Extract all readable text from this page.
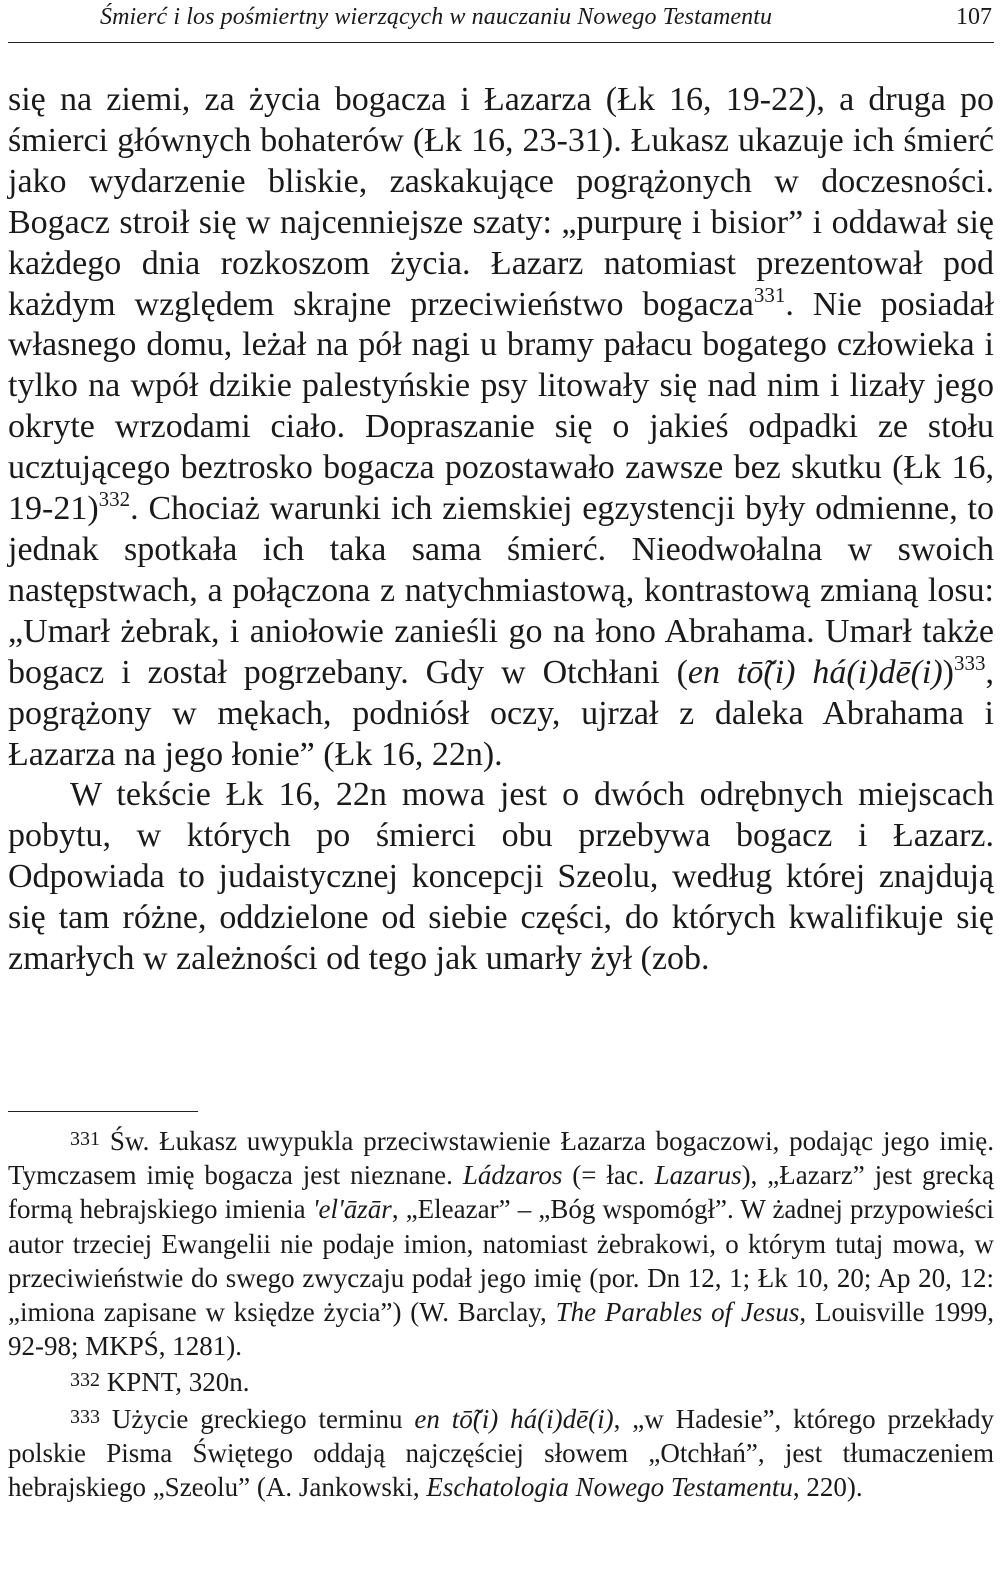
Śmierć i los pośmiertny wierzących w nauczaniu Nowego Testamentu	107

się na ziemi, za życia bogacza i Łazarza (Łk 16, 19-22), a druga po śmierci głównych bohaterów (Łk 16, 23-31). Łukasz ukazuje ich śmierć jako wydarzenie bliskie, zaskakujące pogrążonych w doczesności. Bogacz stroił się w najcenniejsze szaty: „purpurę i bisior” i oddawał się każdego dnia rozkoszom życia. Łazarz natomiast prezentował pod każdym względem skrajne przeciwieństwo bogacza$^{331}$. Nie posiadał własnego domu, leżał na pół nagi u bramy pałacu bogatego człowieka i tylko na wpół dzikie palestyńskie psy litowały się nad nim i lizały jego okryte wrzodami ciało. Dopraszanie się o jakieś odpadki ze stołu ucztującego beztrosko bogacza pozostawało zawsze bez skutku (Łk 16, 19-21)$^{332}$. Chociaż warunki ich ziemskiej egzystencji były odmienne, to jednak spotkała ich taka sama śmierć. Nieodwołalna w swoich następstwach, a połączona z natychmiastową, kontrastową zmianą losu: „Umarł żebrak, i aniołowie zanieśli go na łono Abrahama. Umarł także bogacz i został pogrzebany. Gdy w Otchłani (en tō̃(i) há(i)dē(i))$^{333}$, pogrążony w mękach, podniósł oczy, ujrzał z daleka Abrahama i Łazarza na jego łonie” (Łk 16, 22n).

W tekście Łk 16, 22n mowa jest o dwóch odrębnych miejscach pobytu, w których po śmierci obu przebywa bogacz i Łazarz. Odpowiada to judaistycznej koncepcji Szeolu, według której znajdują się tam różne, oddzielone od siebie części, do których kwalifikuje się zmarłych w zależności od tego jak umarły żył (zob.

331 Św. Łukasz uwypukla przeciwstawienie Łazarza bogaczowi, podając jego imię. Tymczasem imię bogacza jest nieznane. Ládzaros (= łac. Lazarus), „Łazarz” jest grecką formą hebrajskiego imienia 'el'āzār, „Eleazar” – „Bóg wspomógł”. W żadnej przypowieści autor trzeciej Ewangelii nie podaje imion, natomiast żebrakowi, o którym tutaj mowa, w przeciwieństwie do swego zwyczaju podał jego imię (por. Dn 12, 1; Łk 10, 20; Ap 20, 12: „imiona zapisane w księdze życia”) (W. Barclay, The Parables of Jesus, Louisville 1999, 92-98; MKPŚ, 1281).

332 KPNT, 320n.

333 Użycie greckiego terminu en tō̃(i) há(i)dē(i), „w Hadesie”, którego przekłady polskie Pisma Świętego oddają najczęściej słowem „Otchłań”, jest tłumaczeniem hebrajskiego „Szeolu” (A. Jankowski, Eschatologia Nowego Testamentu, 220).
